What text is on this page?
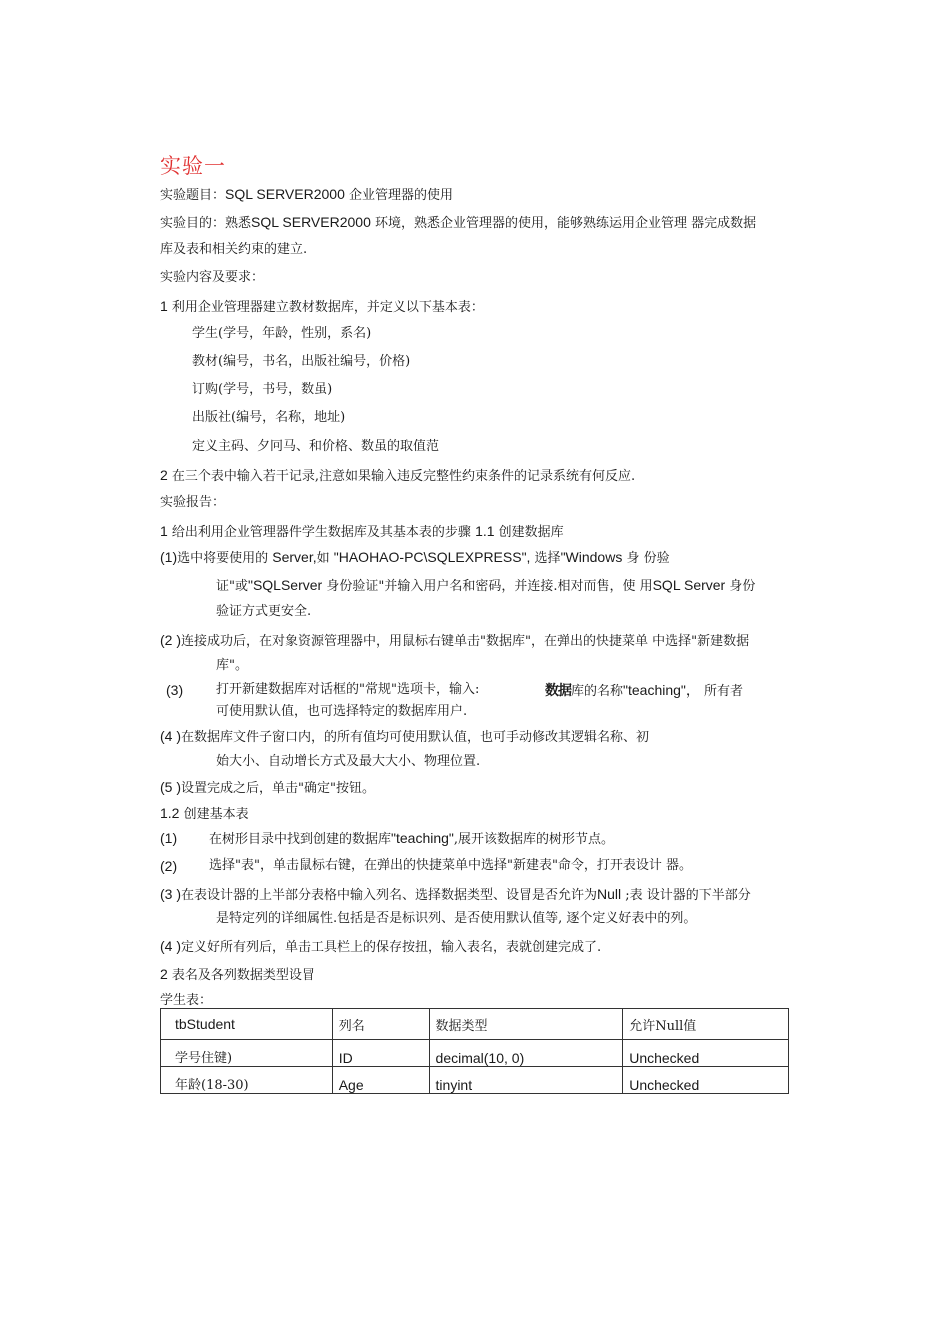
实验一
实验题目：SQL SERVER2000 企业管理器的使用
实验目的：熟悉SQL SERVER2000 环境，熟悉企业管理器的使用，能够熟练运用企业管理 器完成数据
库及表和相关约束的建立.
实验内容及要求：
1 利用企业管理器建立教材数据库，并定义以下基本表：
学生(学号，年龄，性别，系名)
教材(编号，书名，出版社编号，价格)
订购(学号，书号，数虽)
出版社(编号，名称，地址)
定义主码、夕冋马、和价格、数虽的取值范
2 在三个表中输入若干记录,注意如果输入违反完整性约束条件的记录系统有何反应.
实验报告：
1 给出利用企业管理器件学生数据库及其基本表的步骤 1.1 创建数据库
(1)选中将要使用的 Server,如 "HAOHAO-PC\SQLEXPRESS", 选择"Windows 身 份验
证"或"SQLServer 身份验证"并输入用户名和密码，并连接.相对而售，使 用SQL Server 身份
验证方式更安全.
(2 )连接成功后，在对象资源管理器中，用鼠标右键单击"数据库"，在弹出的快捷菜单 中选择"新建数据
库"。
(3)	打开新建数据库对话框的"常规"选项卡，输入:	数据库的名称"teaching"， 所有者
可使用默认值，也可选择特定的数据库用户.
(4 )在数据库文件子窗口内，的所有值均可使用默认值，也可手动修改其逻辑名称、初
始大小、自动增长方式及最大大小、物理位置.
(5 )设置完成之后，单击"确定"按钮。
1.2 创建基本表
(1) 在树形目录中找到创建的数据库"teaching",展开该数据库的树形节点。
(2) 选择"表"，单击鼠标右键，在弹出的快捷菜单中选择"新建表"命令，打开表设计 器。
(3 )在表设计器的上半部分表格中输入列名、选择数据类型、设冒是否允许为Null ;表 设计器的下半部分
是特定列的详细属性.包括是否是标识列、是否使用默认值等, 逐个定义好表中的列。
(4 )定义好所有列后，单击工具栏上的保存按扭，输入表名，表就创建完成了.
2 表名及各列数据类型设冒
学生表：
tbStudent	列名	数据类型	允许Null值
学号住键)	ID	decimal(10, 0)	Unchecked
年龄(18-30)	Age	tinyint	Unchecked
